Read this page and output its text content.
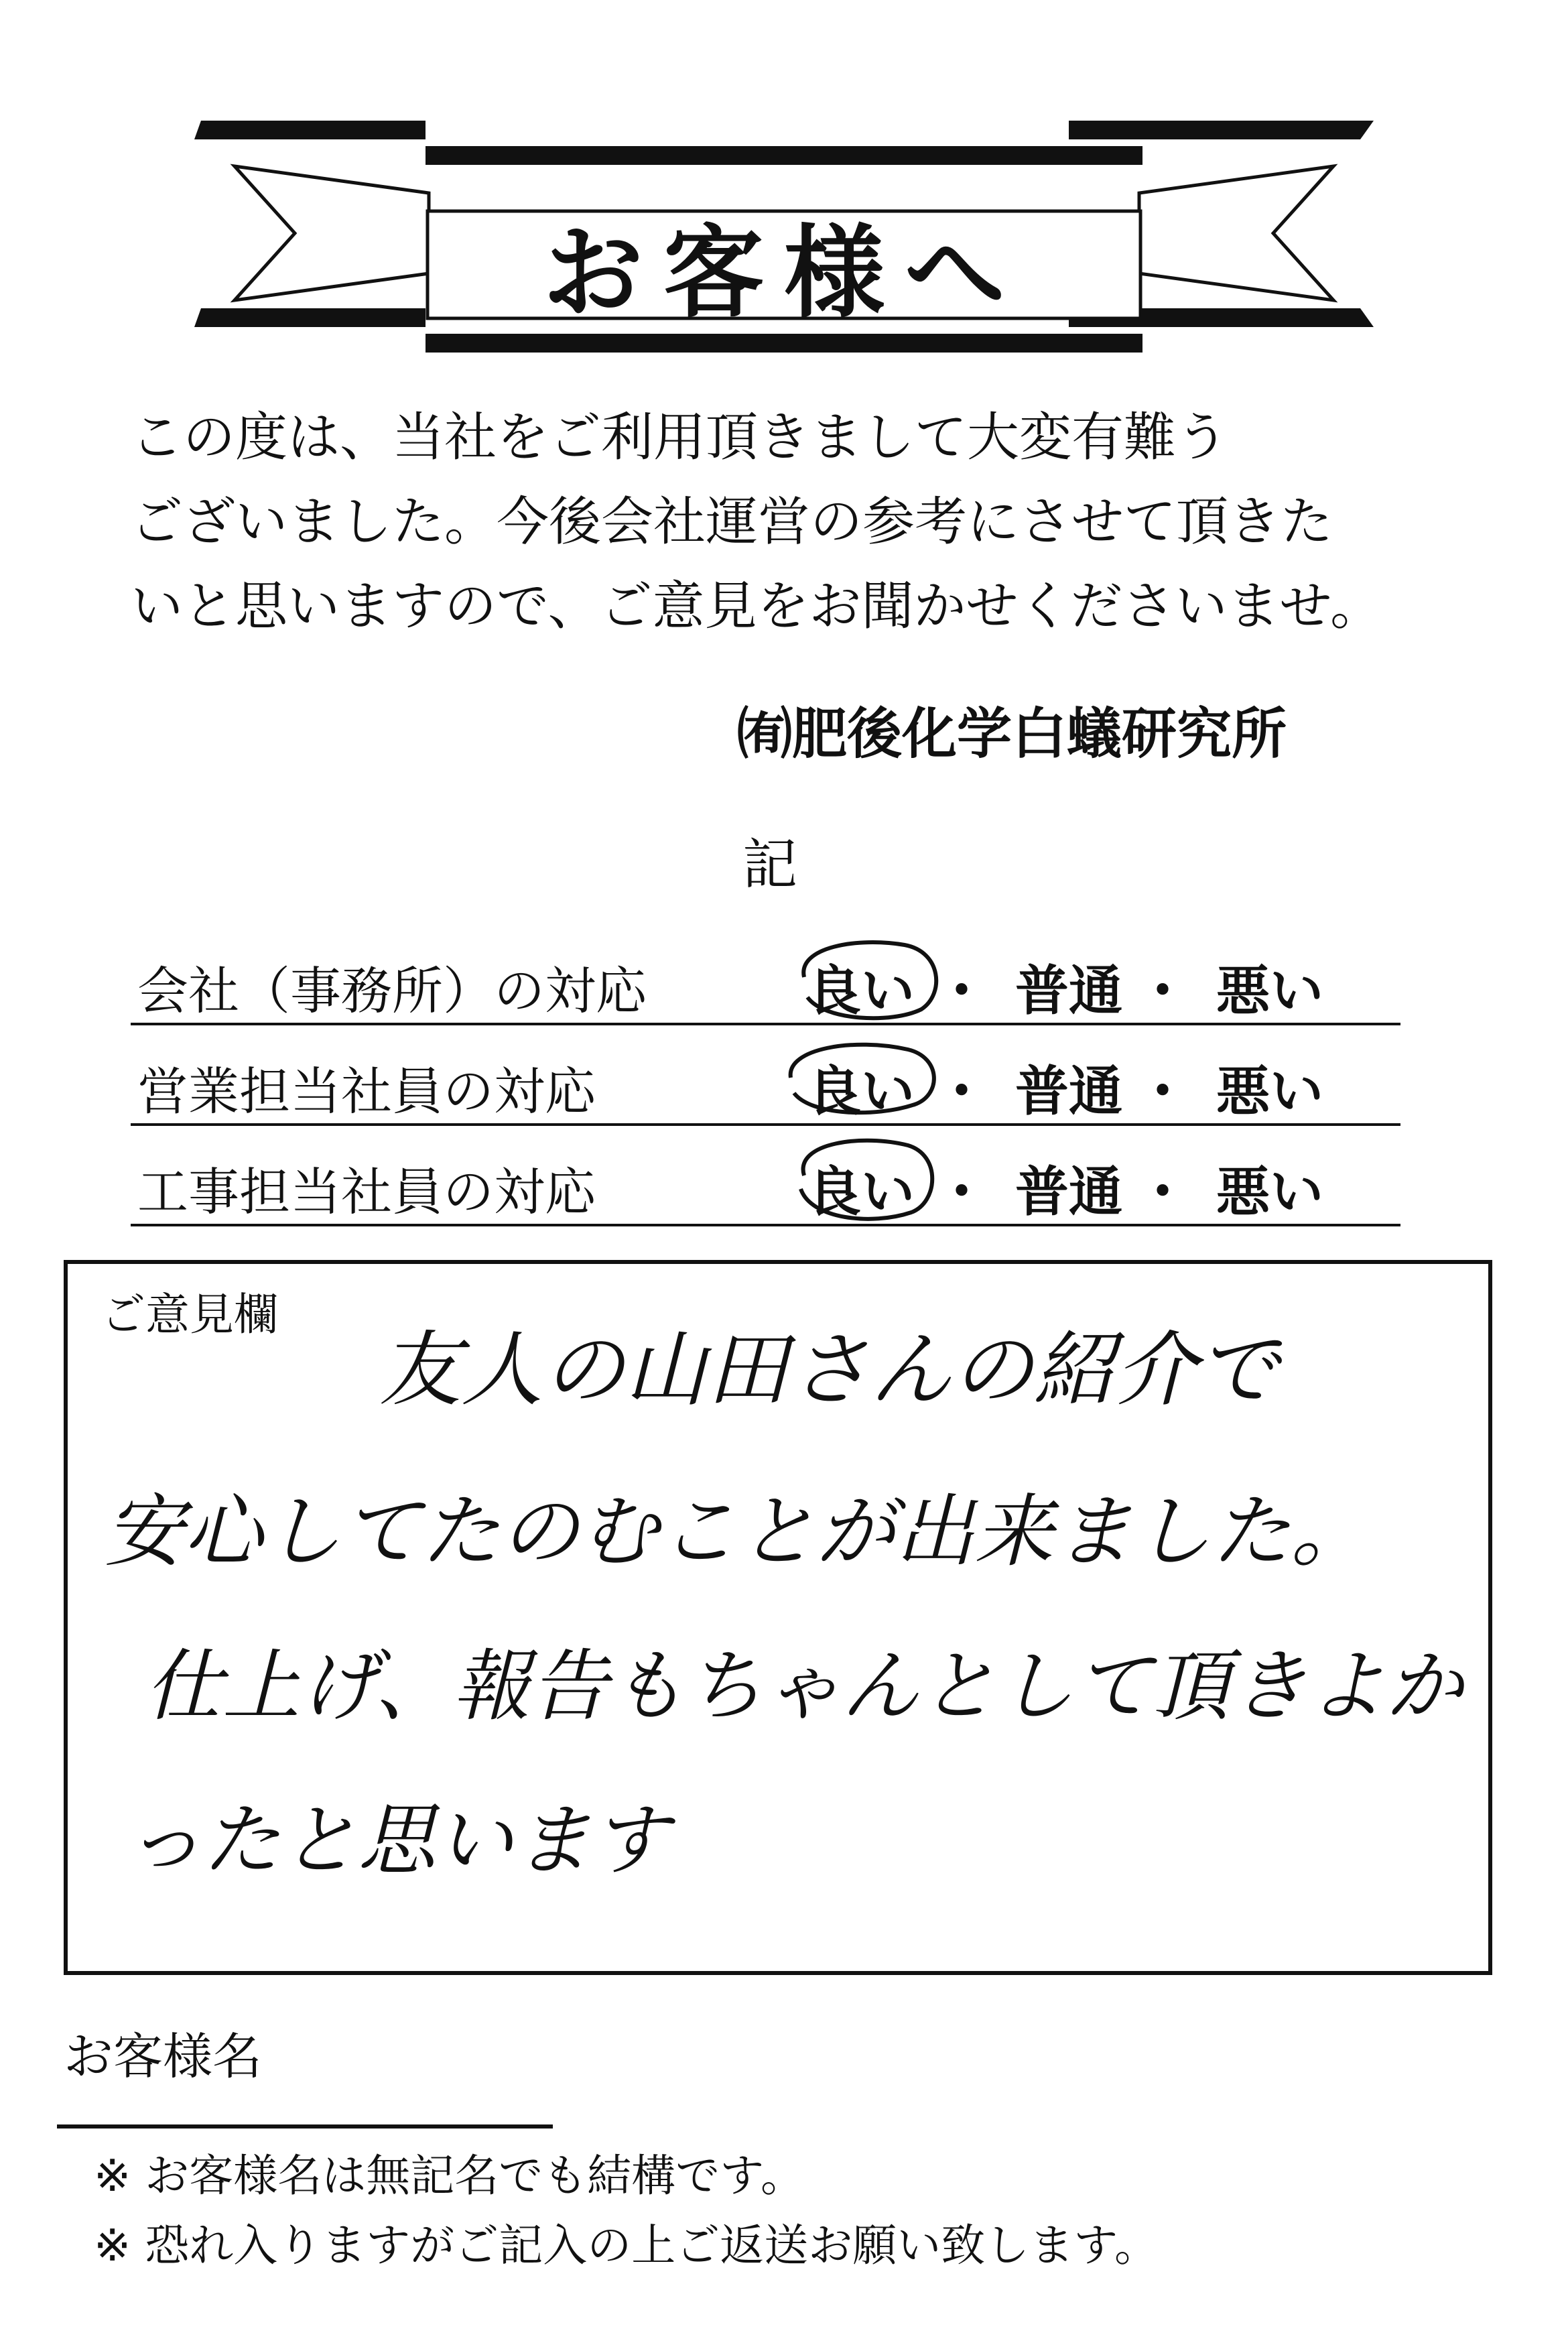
お客様へ
この度は、当社をご利用頂きまして大変有難う
ございました。今後会社運営の参考にさせて頂きた
いと思いますので、ご意見をお聞かせくださいませ。
㈲肥後化学白蟻研究所
記
会社（事務所）の対応	良い ・ 普通 ・ 悪い
営業担当社員の対応	良い ・ 普通 ・ 悪い
工事担当社員の対応	良い ・ 普通 ・ 悪い
ご意見欄
友人の山田さんの紹介で
安心してたのむことが出来ました。
仕上げ、報告もちゃんとして頂きよか
ったと思います
お客様名
※ お客様名は無記名でも結構です。
※ 恐れ入りますがご記入の上ご返送お願い致します。
